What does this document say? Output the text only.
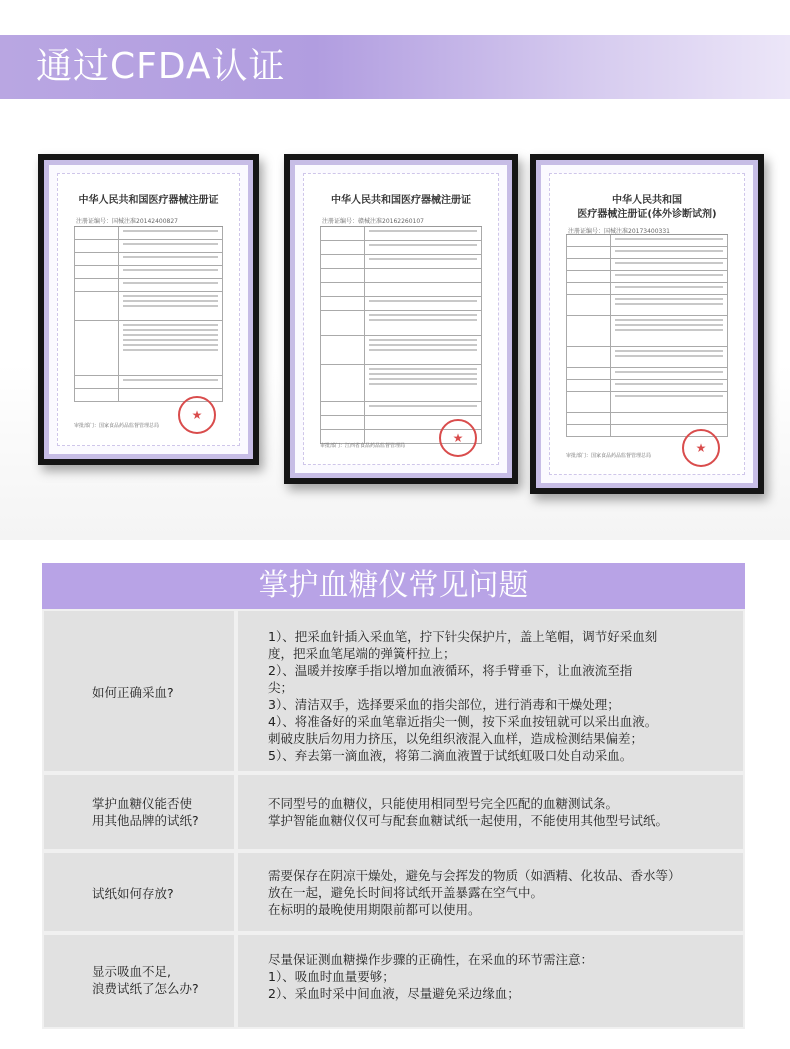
通过CFDA认证
中华人民共和国医疗器械注册证
注册证编号：国械注准20142400827
★
审批部门：国家食品药品监督管理总局
中华人民共和国医疗器械注册证
注册证编号：赣械注准20162260107
★
审批部门：江西省食品药品监督管理局
中华人民共和国
医疗器械注册证(体外诊断试剂)
注册证编号：国械注准20173400331
★
审批部门：国家食品药品监督管理总局
掌护血糖仪常见问题
如何正确采血?
1）、把采血针插入采血笔，拧下针尖保护片，盖上笔帽，调节好采血刻
度，把采血笔尾端的弹簧杆拉上；
2）、温暖并按摩手指以增加血液循环，将手臂垂下，让血液流至指
尖；
3）、清洁双手，选择要采血的指尖部位，进行消毒和干燥处理；
4）、将准备好的采血笔靠近指尖一侧，按下采血按钮就可以采出血液。
刺破皮肤后勿用力挤压，以免组织液混入血样，造成检测结果偏差；
5）、弃去第一滴血液，将第二滴血液置于试纸虹吸口处自动采血。
掌护血糖仪能否使
用其他品牌的试纸?
不同型号的血糖仪，只能使用相同型号完全匹配的血糖测试条。
掌护智能血糖仪仅可与配套血糖试纸一起使用，不能使用其他型号试纸。
试纸如何存放?
需要保存在阴凉干燥处，避免与会挥发的物质（如酒精、化妆品、香水等）
放在一起，避免长时间将试纸开盖暴露在空气中。
在标明的最晚使用期限前都可以使用。
显示吸血不足,
浪费试纸了怎么办?
尽量保证测血糖操作步骤的正确性，在采血的环节需注意：
1）、吸血时血量要够；
2）、采血时采中间血液，尽量避免采边缘血；
